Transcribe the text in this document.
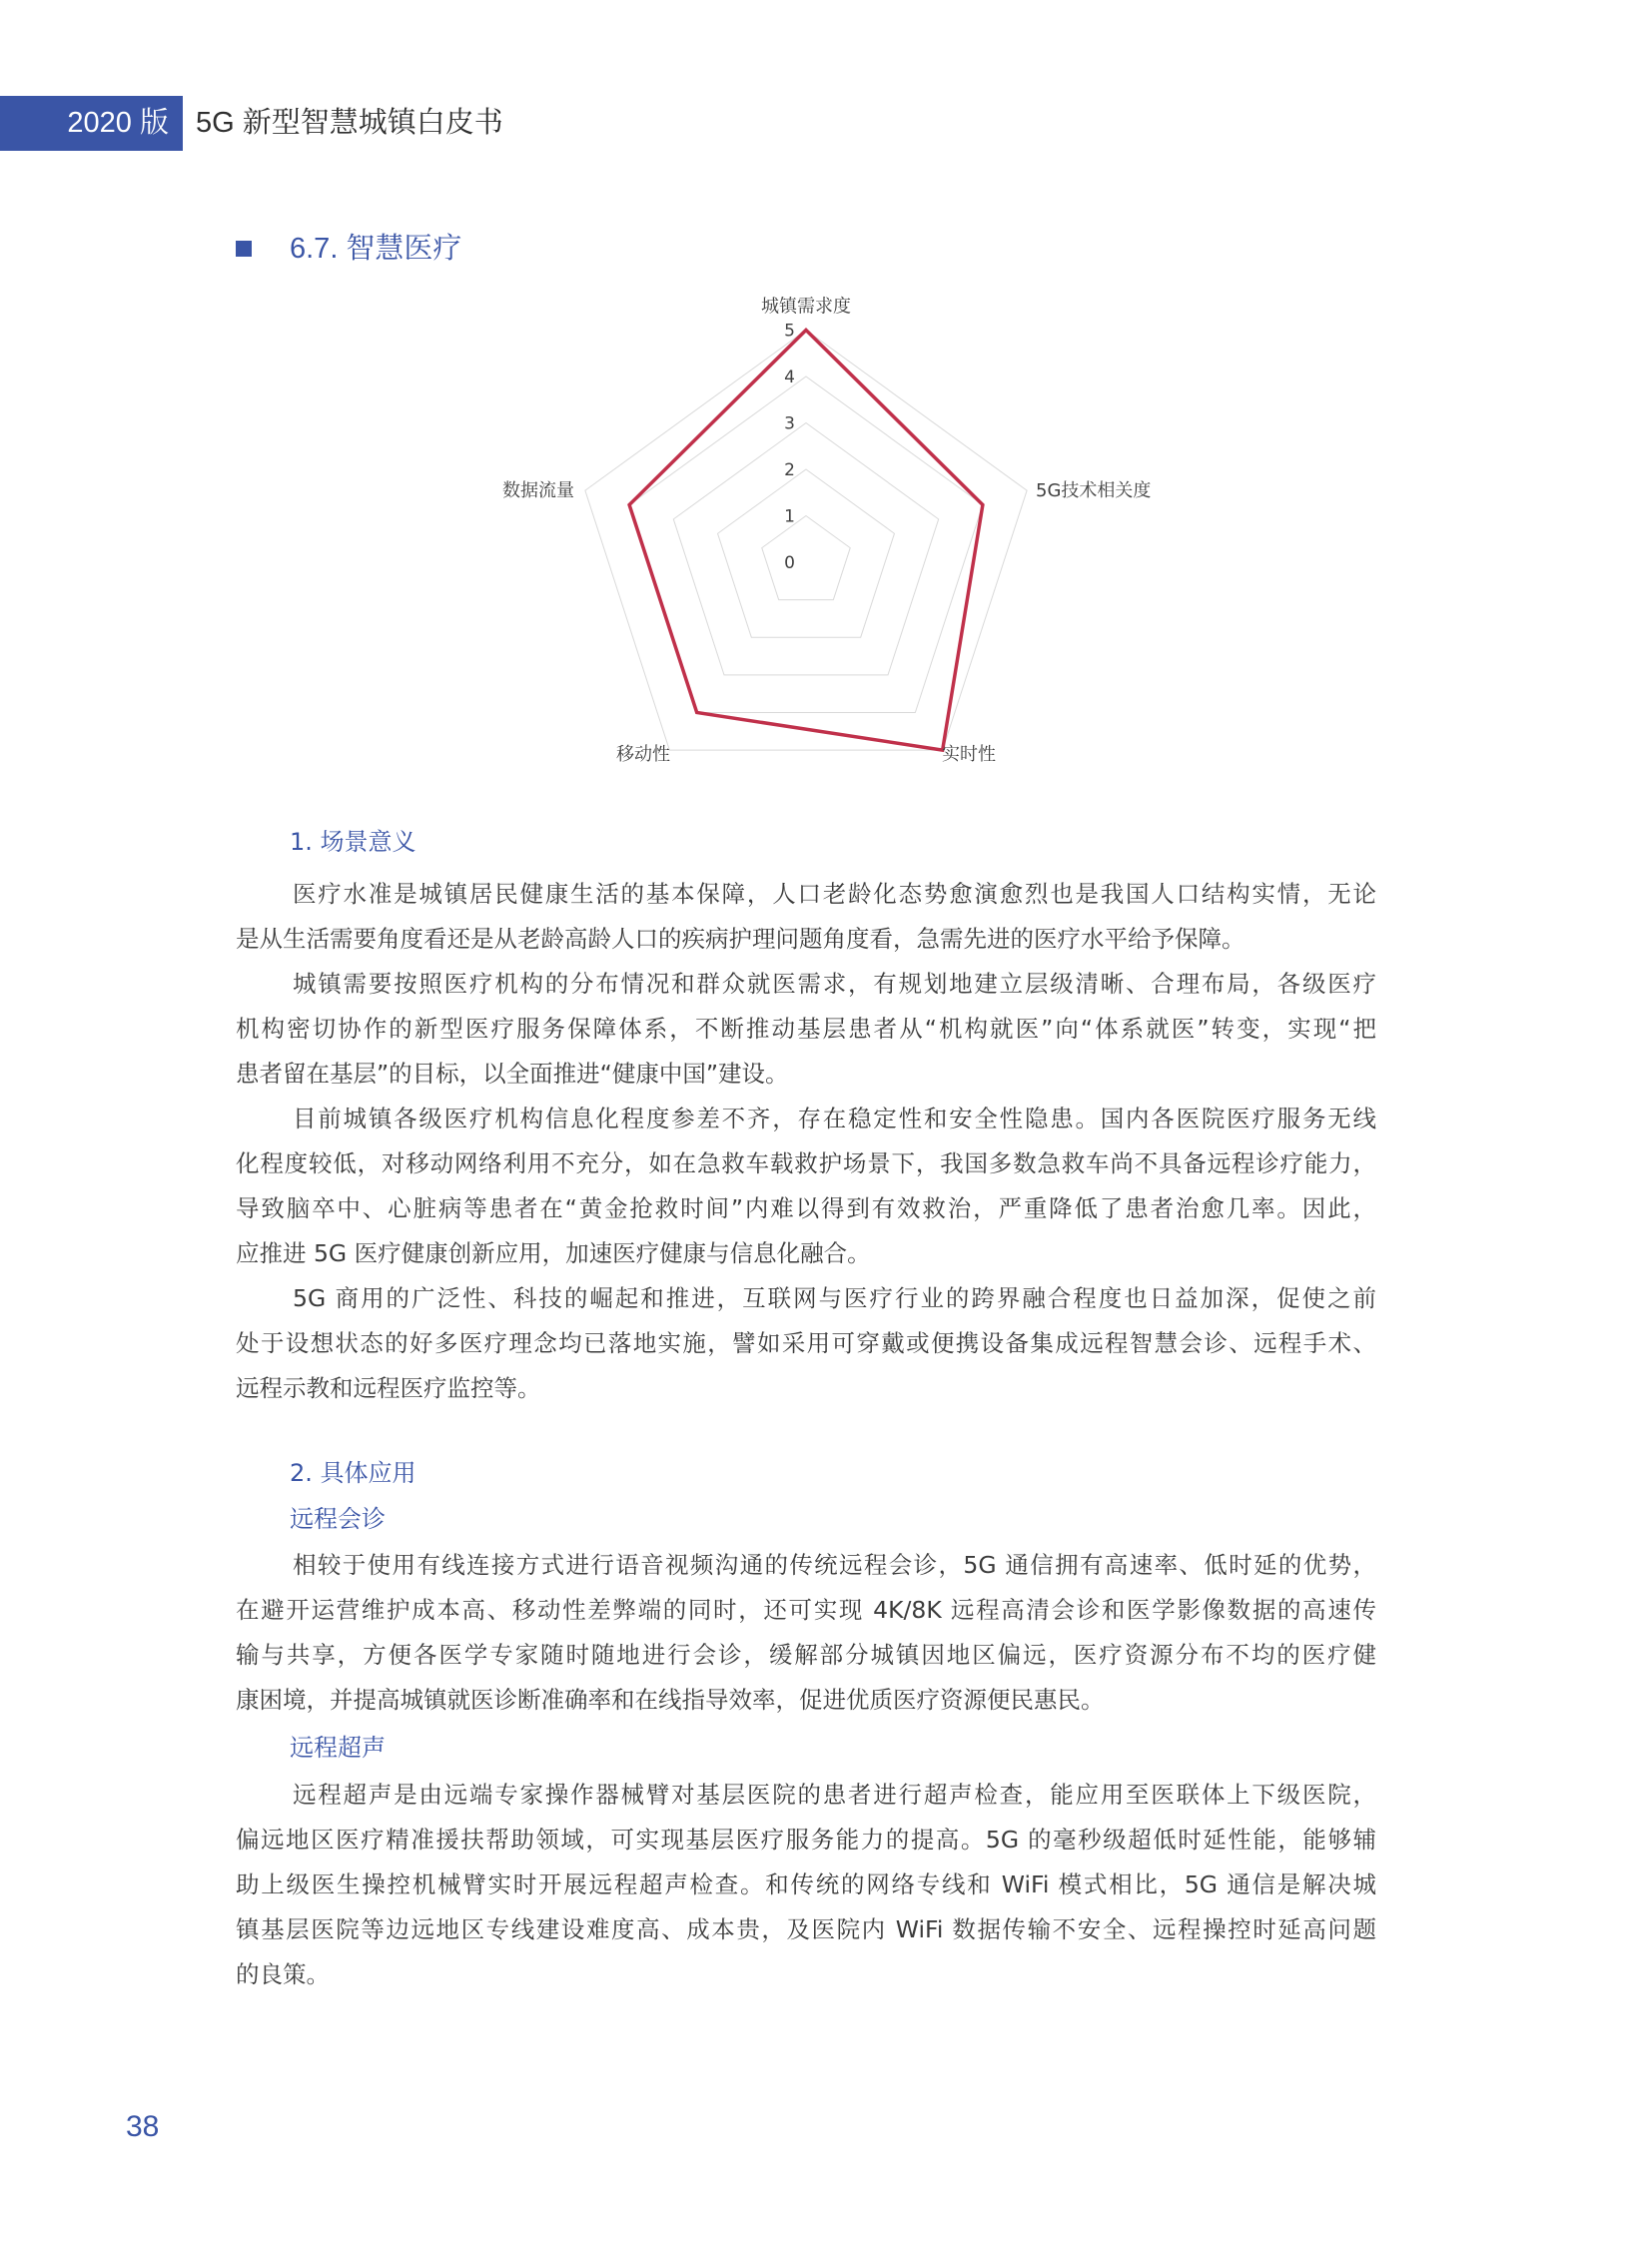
2020 版 5G 新型智慧城镇白皮书
6.7. 智慧医疗
0
1
2
3
4
5
城镇需求度
5G技术相关度
实时性
移动性
数据流量
1. 场景意义
医疗水准是城镇居民健康生活的基本保障，人口老龄化态势愈演愈烈也是我国人口结构实情，无论
是从生活需要角度看还是从老龄高龄人口的疾病护理问题角度看，急需先进的医疗水平给予保障。
城镇需要按照医疗机构的分布情况和群众就医需求，有规划地建立层级清晰、合理布局，各级医疗
机构密切协作的新型医疗服务保障体系，不断推动基层患者从“机构就医”向“体系就医”转变，实现“把
患者留在基层”的目标，以全面推进“健康中国”建设。
目前城镇各级医疗机构信息化程度参差不齐，存在稳定性和安全性隐患。国内各医院医疗服务无线
化程度较低，对移动网络利用不充分，如在急救车载救护场景下，我国多数急救车尚不具备远程诊疗能力，
导致脑卒中、心脏病等患者在“黄金抢救时间”内难以得到有效救治，严重降低了患者治愈几率。因此，
应推进 5G 医疗健康创新应用，加速医疗健康与信息化融合。
5G 商用的广泛性、科技的崛起和推进，互联网与医疗行业的跨界融合程度也日益加深，促使之前
处于设想状态的好多医疗理念均已落地实施，譬如采用可穿戴或便携设备集成远程智慧会诊、远程手术、
远程示教和远程医疗监控等。
2. 具体应用
远程会诊
相较于使用有线连接方式进行语音视频沟通的传统远程会诊，5G 通信拥有高速率、低时延的优势，
在避开运营维护成本高、移动性差弊端的同时，还可实现 4K/8K 远程高清会诊和医学影像数据的高速传
输与共享，方便各医学专家随时随地进行会诊，缓解部分城镇因地区偏远，医疗资源分布不均的医疗健
康困境，并提高城镇就医诊断准确率和在线指导效率，促进优质医疗资源便民惠民。
远程超声
远程超声是由远端专家操作器械臂对基层医院的患者进行超声检查，能应用至医联体上下级医院，
偏远地区医疗精准援扶帮助领域，可实现基层医疗服务能力的提高。5G 的毫秒级超低时延性能，能够辅
助上级医生操控机械臂实时开展远程超声检查。和传统的网络专线和 WiFi 模式相比，5G 通信是解决城
镇基层医院等边远地区专线建设难度高、成本贵，及医院内 WiFi 数据传输不安全、远程操控时延高问题
的良策。
38
